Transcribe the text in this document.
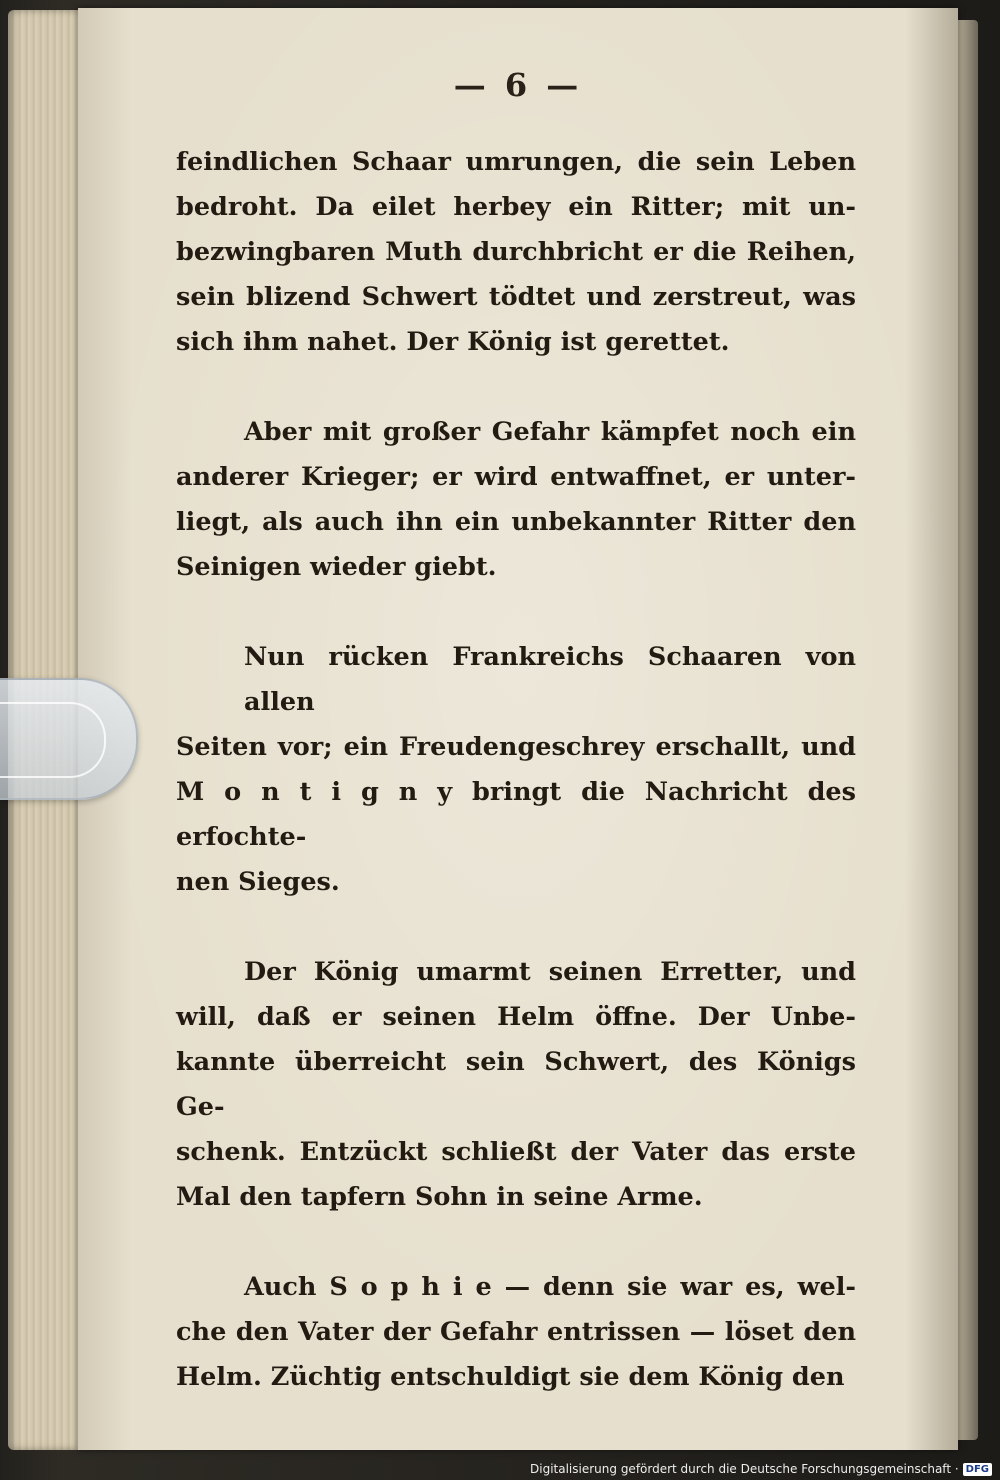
— 6 —
feindlichen Schaar umrungen, die sein Leben
bedroht. Da eilet herbey ein Ritter; mit un-
bezwingbaren Muth durchbricht er die Reihen,
sein blizend Schwert tödtet und zerstreut, was
sich ihm nahet. Der König ist gerettet.
Aber mit großer Gefahr kämpfet noch ein
anderer Krieger; er wird entwaffnet, er unter-
liegt, als auch ihn ein unbekannter Ritter den
Seinigen wieder giebt.
Nun rücken Frankreichs Schaaren von allen
Seiten vor; ein Freudengeschrey erschallt, und
M o n t i g n y bringt die Nachricht des erfochte-
nen Sieges.
Der König umarmt seinen Erretter, und
will, daß er seinen Helm öffne. Der Unbe-
kannte überreicht sein Schwert, des Königs Ge-
schenk. Entzückt schließt der Vater das erste
Mal den tapfern Sohn in seine Arme.
Auch S o p h i e — denn sie war es, wel-
che den Vater der Gefahr entrissen — löset den
Helm. Züchtig entschuldigt sie dem König den
Digitalisierung gefördert durch die Deutsche Forschungsgemeinschaft · DFG
